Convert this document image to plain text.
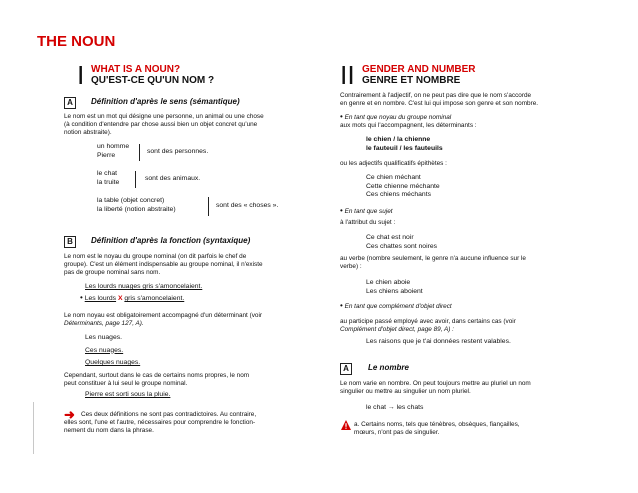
THE NOUN
I WHAT IS A NOUN?
QU'EST-CE QU'UN NOM ?
A	Définition d'après le sens (sémantique)
Le nom est un mot qui désigne une personne, un animal ou une chose
(à condition d'entendre par chose aussi bien un objet concret qu'une
notion abstraite).
un homme
Pierre	sont des personnes.
le chat
la truite	sont des animaux.
la table (objet concret)
la liberté (notion abstraite)	sont des « choses ».
B	Définition d'après la fonction (syntaxique)
Le nom est le noyau du groupe nominal (on dit parfois le chef de
groupe). C'est un élément indispensable au groupe nominal, il n'existe
pas de groupe nominal sans nom.
Les lourds nuages gris s'amoncelaient.
• Les lourds X gris s'amoncelaient.
Le nom noyau est obligatoirement accompagné d'un déterminant (voir
Déterminants, page 127, A).
Les nuages.
Ces nuages.
Quelques nuages.
Cependant, surtout dans le cas de certains noms propres, le nom
peut constituer à lui seul le groupe nominal.
Pierre est sorti sous la pluie.
➜ Ces deux définitions ne sont pas contradictoires. Au contraire,
elles sont, l'une et l'autre, nécessaires pour comprendre le fonction-
nement du nom dans la phrase.
II GENDER AND NUMBER
GENRE ET NOMBRE
Contrairement à l'adjectif, on ne peut pas dire que le nom s'accorde
en genre et en nombre. C'est lui qui impose son genre et son nombre.
• En tant que noyau du groupe nominal
aux mots qui l'accompagnent, les déterminants :
le chien / la chienne
le fauteuil / les fauteuils
ou les adjectifs qualificatifs épithètes :
Ce chien méchant
Cette chienne méchante
Ces chiens méchants
• En tant que sujet
à l'attribut du sujet :
Ce chat est noir
Ces chattes sont noires
au verbe (nombre seulement, le genre n'a aucune influence sur le
verbe) :
Le chien aboie
Les chiens aboient
• En tant que complément d'objet direct
au participe passé employé avec avoir, dans certains cas (voir
Complément d'objet direct, page 89, A) :
Les raisons que je t'ai données restent valables.
A	Le nombre
Le nom varie en nombre. On peut toujours mettre au pluriel un nom
singulier ou mettre au singulier un nom pluriel.
le chat → les chats
a. Certains noms, tels que ténèbres, obsèques, fiançailles,
mœurs, n'ont pas de singulier.
